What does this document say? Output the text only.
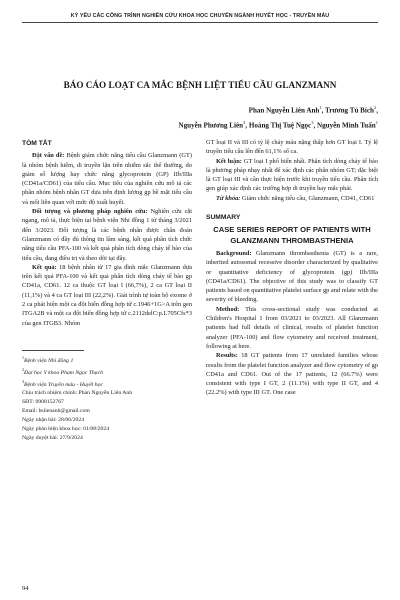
KỶ YẾU CÁC CÔNG TRÌNH NGHIÊN CỨU KHOA HỌC CHUYÊN NGÀNH HUYẾT HỌC - TRUYỀN MÁU
BÁO CÁO LOẠT CA MẮC BỆNH LIỆT TIỂU CẦU GLANZMANN
Phan Nguyễn Liên Anh$^1$, Trương Tú Bích$^2$,
Nguyễn Phương Liên$^3$, Hoàng Thị Tuệ Ngọc$^3$, Nguyễn Minh Tuấn$^1$

TÓM TẮT

Đặt vấn đề: Bệnh giảm chức năng tiểu cầu Glanzmann (GT) là nhóm bệnh hiếm, di truyền lặn trên nhiễm sắc thể thường, do giảm số lượng hay chức năng glycoprotein (GP) IIb/IIIa (CD41a/CD61) của tiểu cầu. Mục tiêu của nghiên cứu mô tả các phân nhóm bệnh nhân GT dựa trên định lượng gp bề mặt tiểu cầu và mối liên quan với mức độ xuất huyết.

Đối tượng và phương pháp nghiên cứu: Nghiên cứu cắt ngang, mô tả, thực hiện tại bệnh viện Nhi đồng 1 từ tháng 3/2021 đến 3/2023. Đối tượng là các bệnh nhân được chẩn đoán Glanzmann có đầy đủ thông tin lâm sàng, kết quả phân tích chức năng tiểu cầu PFA-100 và kết quả phân tích dòng chảy tế bào của tiểu cầu, đang điều trị và theo dõi tại đây.

Kết quả: 18 bệnh nhân từ 17 gia đình mắc Glanzmann dựa trên kết quả PFA-100 và kết quả phân tích dòng chảy tế bào gp CD41a, CD61. 12 ca thuộc GT loại I (66,7%), 2 ca GT loại II (11,1%) và 4 ca GT loại III (22,2%). Giải trình tự toàn bộ exome ở 2 ca phát hiện một ca đột biến đồng hợp tử c.1946+1G>A trên gen ITGA2B và một ca đột biến đồng hợp tử c.2112delC:p.L705Cfs*3 của gen ITGB3. Nhóm

$^1$Bệnh viện Nhi đồng 1
$^2$Đại học Y khoa Phạm Ngọc Thạch
$^3$Bệnh viện Truyền máu - Huyết học
Chịu trách nhiệm chính: Phan Nguyễn Liên Anh
SĐT: 0908152767
Email: bslienanh@gmail.com
Ngày nhận bài: 28/06/2024
Ngày phản biện khoa học: 01/08/2024
Ngày duyệt bài: 27/9/2024

GT loại II và III có tỷ lệ chảy máu nặng thấp hơn GT loại I. Tỷ lệ truyền tiểu cầu lên đến 61,1% số ca.

Kết luận: GT loại I phổ biến nhất. Phân tích dòng chảy tế bào là phương pháp nhạy nhất để xác định các phân nhóm GT; đặc biệt là GT loại III và cần thực hiện trước khi truyền tiểu cầu. Phân tích gen giúp xác định các trường hợp di truyền hay mắc phải.

Từ khóa: Giảm chức năng tiểu cầu, Glanzmann, CD41, CD61

SUMMARY

CASE SERIES REPORT OF PATIENTS WITH GLANZMANN THROMBASTHENIA

Background: Glanzmann thrombasthenia (GT) is a rare, inherited autosomal recessive disorder characterized by qualitative or quantitative deficiency of glycoprotein (gp) IIb/IIIa (CD41a/CD61). The objective of this study was to classify GT patients based on quantitative platelet surface gp and relate with the severity of bleeding.

Method: This cross-sectional study was conducted at Children's Hospital 1 from 03/2021 to 03/2023. All Glanzmann patients had full details of clinical, results of platelet function analyzer (PFA-100) and flow cytometry and received treatment, following at here.

Results: 18 GT patients from 17 unrelated families whose results from the platelet function analyzer and flow cytometry of gp CD41a and CD61. Out of the 17 patients, 12 (66.7%) were consistent with type I GT, 2 (11.1%) with type II GT, and 4 (22.2%) with type III GT. One case

94
